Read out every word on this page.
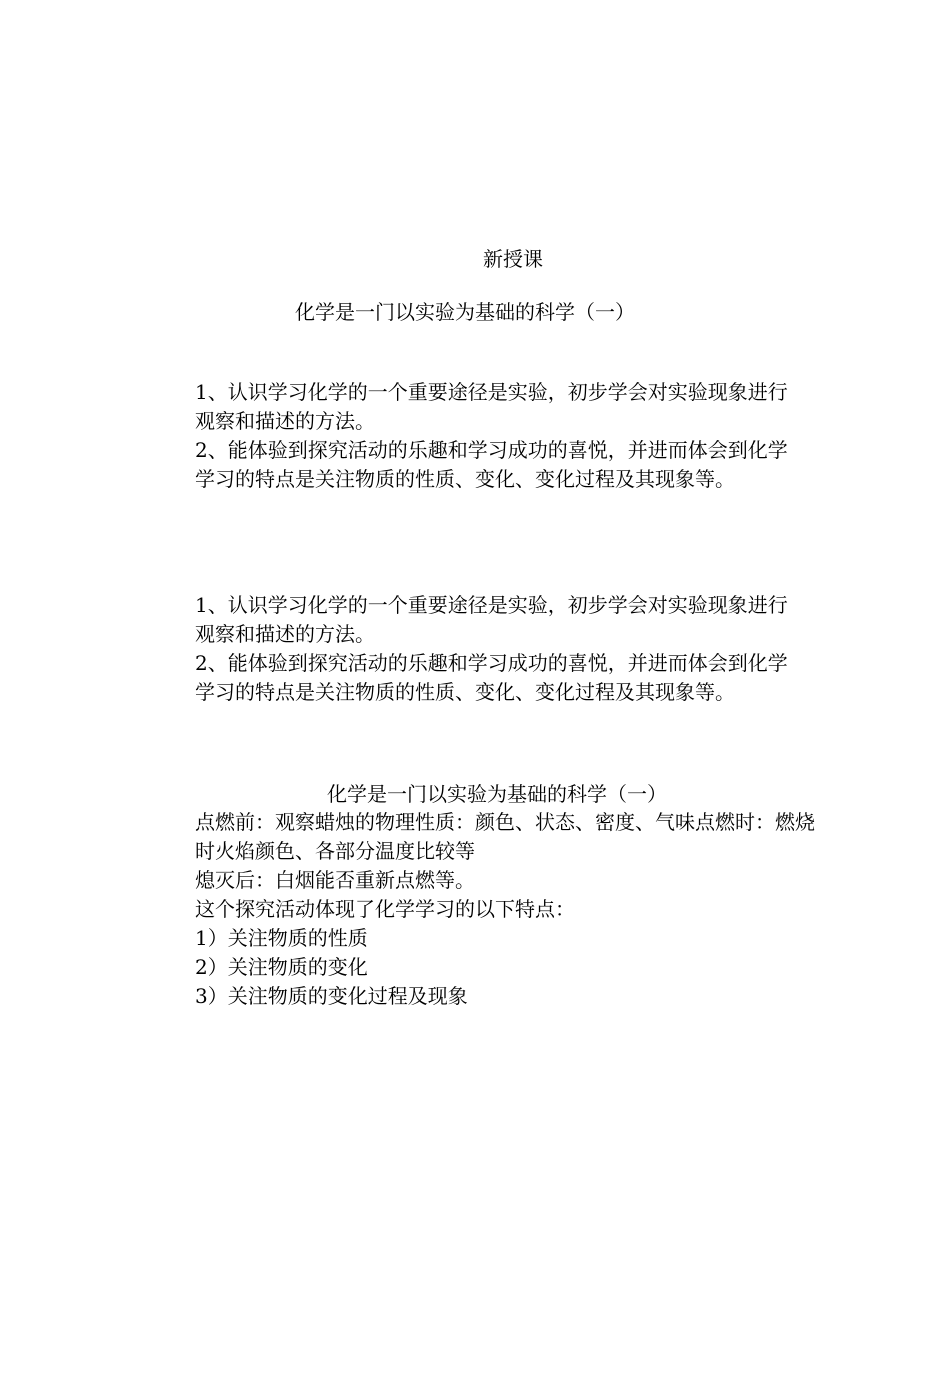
新授课
化学是一门以实验为基础的科学（一）

1、认识学习化学的一个重要途径是实验，初步学会对实验现象进行

观察和描述的方法。

2、能体验到探究活动的乐趣和学习成功的喜悦，并进而体会到化学

学习的特点是关注物质的性质、变化、变化过程及其现象等。

1、认识学习化学的一个重要途径是实验，初步学会对实验现象进行

观察和描述的方法。

2、能体验到探究活动的乐趣和学习成功的喜悦，并进而体会到化学

学习的特点是关注物质的性质、变化、变化过程及其现象等。

化学是一门以实验为基础的科学（一）

点燃前：观察蜡烛的物理性质：颜色、状态、密度、气味点燃时：燃烧

时火焰颜色、各部分温度比较等

熄灭后：白烟能否重新点燃等。

这个探究活动体现了化学学习的以下特点：

1）关注物质的性质

2）关注物质的变化

3）关注物质的变化过程及现象
